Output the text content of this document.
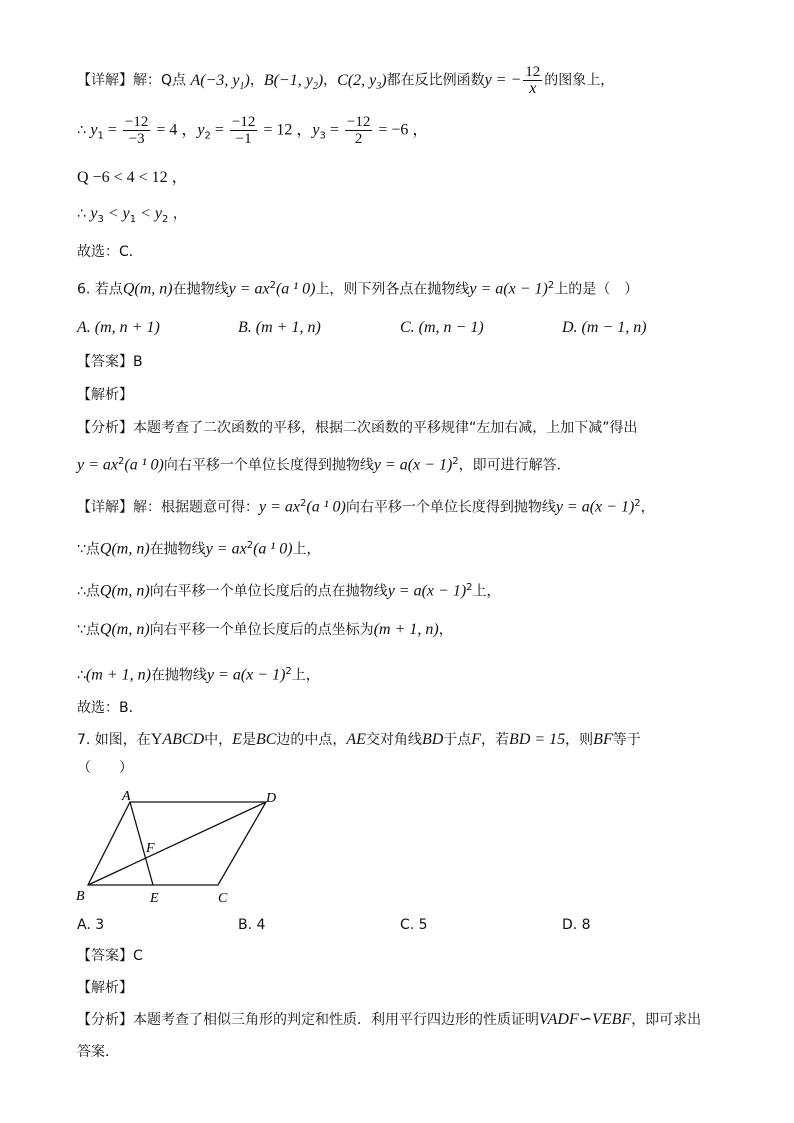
【详解】解：Q点 A(−3, $y_1$)，B(−1, $y_2$)，C(2, $y_3$)都在反比例函数y = − $\frac{12}{x}$ 的图象上，
∴ $y_1 = \frac{-12}{-3} = 4$ ，$y_2 = \frac{-12}{-1} = 12$ ，$y_3 = \frac{-12}{2} = -6$ ，
Q −6 < 4 < 12 ，
∴ $y_3 < y_1 < y_2$ ，
故选：C．
6. 若点Q(m, n)在抛物线$y = ax^2(a$ ¹ 0)上，则下列各点在抛物线$y = a(x - 1)^2$上的是（　）
A. (m, n + 1)	B. (m + 1, n)	C. (m, n − 1)	D. (m − 1, n)
【答案】B
【解析】
【分析】本题考查了二次函数的平移，根据二次函数的平移规律“左加右减，上加下减”得出
$y = ax^2(a$ ¹ 0)向右平移一个单位长度得到抛物线$y = a(x - 1)^2$，即可进行解答．
【详解】解：根据题意可得：$y = ax^2(a$ ¹ 0)向右平移一个单位长度得到抛物线$y = a(x - 1)^2$，
∵点Q(m, n)在抛物线$y = ax^2(a$ ¹ 0)上，
∴点Q(m, n)向右平移一个单位长度后的点在抛物线$y = a(x - 1)^2$上，
∵点Q(m, n)向右平移一个单位长度后的点坐标为(m + 1, n)，
∴(m + 1, n)在抛物线$y = a(x - 1)^2$上，
故选：B．
7. 如图，在YABCD中，E是BC边的中点，AE交对角线BD于点F，若BD = 15，则BF等于
（　　）
A	D
F
B	E	C
A. 3	B. 4	C. 5	D. 8
【答案】C
【解析】
【分析】本题考查了相似三角形的判定和性质．利用平行四边形的性质证明VADF∽VEBF，即可求出
答案．
